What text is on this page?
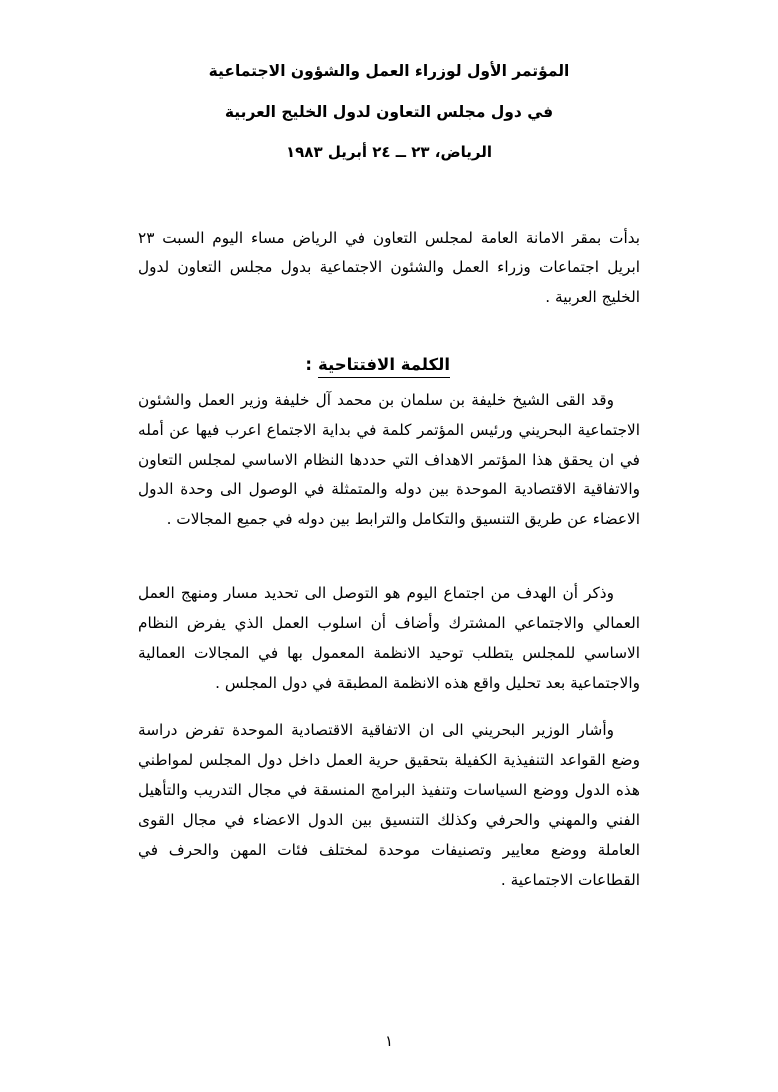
المؤتمر الأول لوزراء العمل والشؤون الاجتماعية
في دول مجلس التعاون لدول الخليج العربية
الرياض، ٢٣ ــ ٢٤ أبريل ١٩٨٣

بدأت بمقر الامانة العامة لمجلس التعاون في الرياض مساء اليوم السبت ٢٣ ابريل اجتماعات وزراء العمل والشئون الاجتماعية بدول مجلس التعاون لدول الخليج العربية .

الكلمة الافتتاحية
:

وقد القى الشيخ خليفة بن سلمان بن محمد آل خليفة وزير العمل والشئون الاجتماعية البحريني ورئيس المؤتمر كلمة في بداية الاجتماع اعرب فيها عن أمله في ان يحقق هذا المؤتمر الاهداف التي حددها النظام الاساسي لمجلس التعاون والاتفاقية الاقتصادية الموحدة بين دوله والمتمثلة في الوصول الى وحدة الدول الاعضاء عن طريق التنسيق والتكامل والترابط بين دوله في جميع المجالات .

وذكر أن الهدف من اجتماع اليوم هو التوصل الى تحديد مسار ومنهج العمل العمالي والاجتماعي المشترك وأضاف أن اسلوب العمل الذي يفرض النظام الاساسي للمجلس يتطلب توحيد الانظمة المعمول بها في المجالات العمالية والاجتماعية بعد تحليل واقع هذه الانظمة المطبقة في دول المجلس .

وأشار الوزير البحريني الى ان الاتفاقية الاقتصادية الموحدة تفرض دراسة وضع القواعد التنفيذية الكفيلة بتحقيق حرية العمل داخل دول المجلس لمواطني هذه الدول ووضع السياسات وتنفيذ البرامج المنسقة في مجال التدريب والتأهيل الفني والمهني والحرفي وكذلك التنسيق بين الدول الاعضاء في مجال القوى العاملة ووضع معايير وتصنيفات موحدة لمختلف فئات المهن والحرف في القطاعات الاجتماعية .

١
